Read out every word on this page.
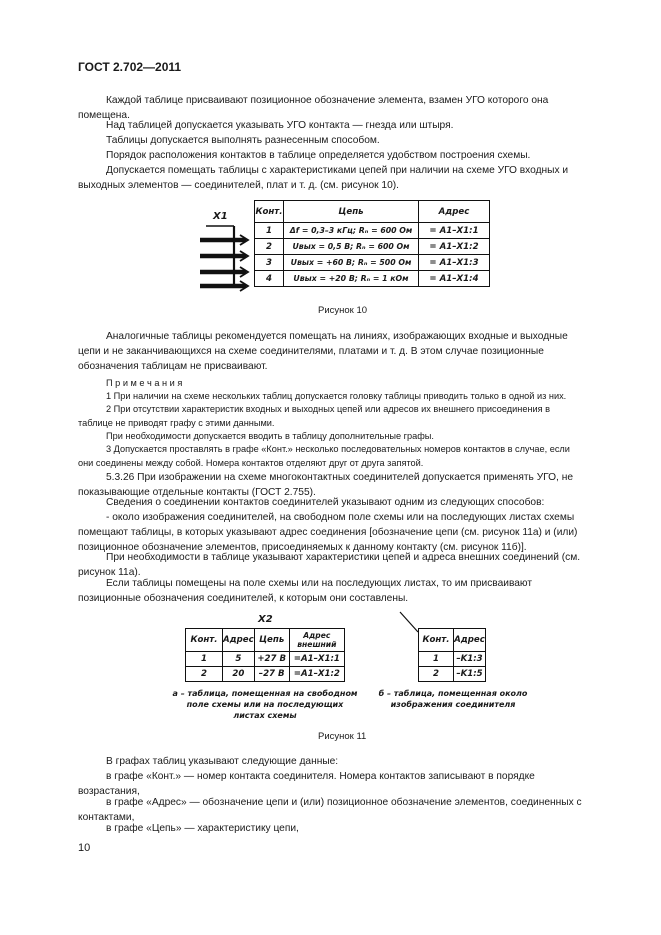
ГОСТ 2.702—2011
Каждой таблице присваивают позиционное обозначение элемента, взамен УГО которого она помещена.
Над таблицей допускается указывать УГО контакта — гнезда или штыря.
Таблицы допускается выполнять разнесенным способом.
Порядок расположения контактов в таблице определяется удобством построения схемы.
Допускается помещать таблицы с характеристиками цепей при наличии на схеме УГО входных и выходных элементов — соединителей, плат и т. д. (см. рисунок 10).
X1	Конт.	Цепь	Адрес
1	Δf = 0,3–3 кГц; Rₙ = 600 Ом	= A1–X1:1
2	Uвых = 0,5 В; Rₙ = 600 Ом	= A1–X1:2
3	Uвых = +60 В; Rₙ = 500 Ом	= A1–X1:3
4	Uвых = +20 В; Rₙ = 1 кОм	= A1–X1:4
Рисунок 10
Аналогичные таблицы рекомендуется помещать на линиях, изображающих входные и выходные цепи и не заканчивающихся на схеме соединителями, платами и т. д. В этом случае позиционные обозначения таблицам не присваивают.
П р и м е ч а н и я
1 При наличии на схеме нескольких таблиц допускается головку таблицы приводить только в одной из них.
2 При отсутствии характеристик входных и выходных цепей или адресов их внешнего присоединения в таблице не приводят графу с этими данными.
При необходимости допускается вводить в таблицу дополнительные графы.
3 Допускается проставлять в графе «Конт.» несколько последовательных номеров контактов в случае, если они соединены между собой. Номера контактов отделяют друг от друга запятой.
5.3.26 При изображении на схеме многоконтактных соединителей допускается применять УГО, не показывающие отдельные контакты (ГОСТ 2.755).
Сведения о соединении контактов соединителей указывают одним из следующих способов:
- около изображения соединителей, на свободном поле схемы или на последующих листах схемы помещают таблицы, в которых указывают адрес соединения [обозначение цепи (см. рисунок 11а) и (или) позиционное обозначение элементов, присоединяемых к данному контакту (см. рисунок 11б)].
При необходимости в таблице указывают характеристики цепей и адреса внешних соединений (см. рисунок 11а).
Если таблицы помещены на поле схемы или на последующих листах, то им присваивают позиционные обозначения соединителей, к которым они составлены.
X2
Конт.	Адрес	Цепь	Адрес внешний
1	5	+27 В	=A1–X1:1
2	20	–27 В	=A1–X1:2
а – таблица, помещенная на свободном поле схемы или на последующих листах схемы
Конт.	Адрес
1	–K1:3
2	–K1:5
б – таблица, помещенная около изображения соединителя
Рисунок 11
В графах таблиц указывают следующие данные:
в графе «Конт.» — номер контакта соединителя. Номера контактов записывают в порядке возрастания,
в графе «Адрес» — обозначение цепи и (или) позиционное обозначение элементов, соединенных с контактами,
в графе «Цепь» — характеристику цепи,
10
